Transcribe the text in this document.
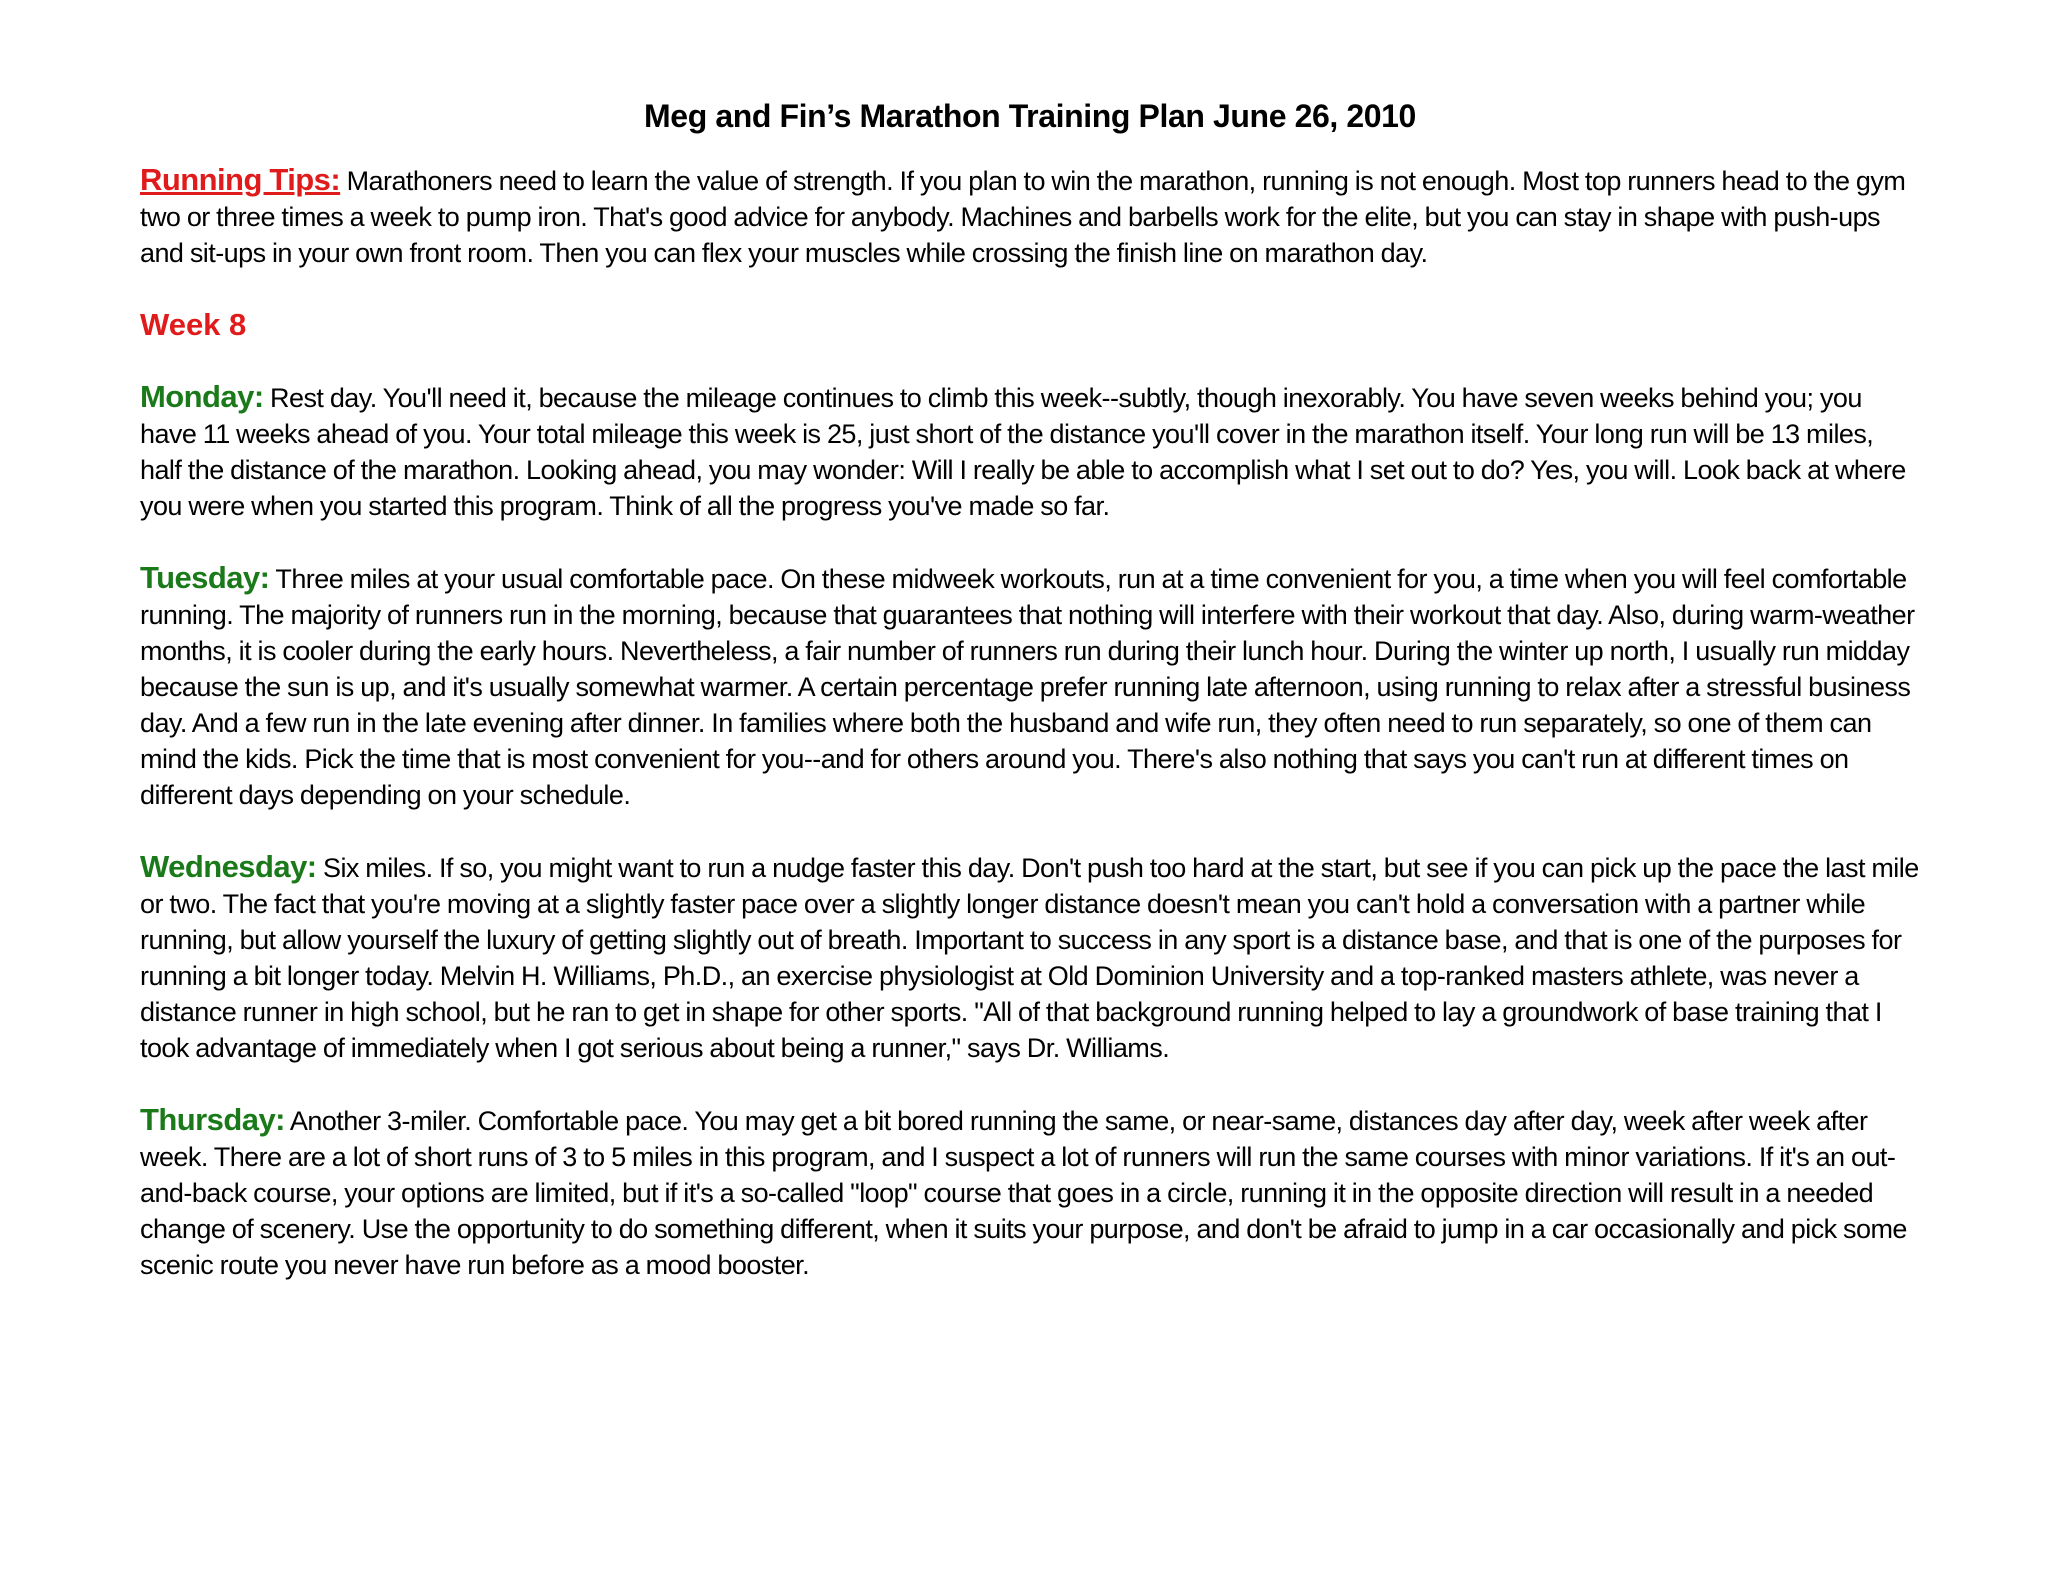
Meg and Fin’s Marathon Training Plan June 26, 2010

Running Tips: Marathoners need to learn the value of strength. If you plan to win the marathon, running is not enough. Most top runners head to the gym two or three times a week to pump iron. That's good advice for anybody. Machines and barbells work for the elite, but you can stay in shape with push-ups and sit-ups in your own front room. Then you can flex your muscles while crossing the finish line on marathon day.

Week 8

Monday: Rest day. You'll need it, because the mileage continues to climb this week--subtly, though inexorably. You have seven weeks behind you; you have 11 weeks ahead of you. Your total mileage this week is 25, just short of the distance you'll cover in the marathon itself. Your long run will be 13 miles, half the distance of the marathon. Looking ahead, you may wonder: Will I really be able to accomplish what I set out to do? Yes, you will. Look back at where you were when you started this program. Think of all the progress you've made so far.

Tuesday: Three miles at your usual comfortable pace. On these midweek workouts, run at a time convenient for you, a time when you will feel comfortable running. The majority of runners run in the morning, because that guarantees that nothing will interfere with their workout that day. Also, during warm-weather months, it is cooler during the early hours. Nevertheless, a fair number of runners run during their lunch hour. During the winter up north, I usually run midday because the sun is up, and it's usually somewhat warmer. A certain percentage prefer running late afternoon, using running to relax after a stressful business day. And a few run in the late evening after dinner. In families where both the husband and wife run, they often need to run separately, so one of them can mind the kids. Pick the time that is most convenient for you--and for others around you. There's also nothing that says you can't run at different times on different days depending on your schedule.

Wednesday: Six miles. If so, you might want to run a nudge faster this day. Don't push too hard at the start, but see if you can pick up the pace the last mile or two. The fact that you're moving at a slightly faster pace over a slightly longer distance doesn't mean you can't hold a conversation with a partner while running, but allow yourself the luxury of getting slightly out of breath. Important to success in any sport is a distance base, and that is one of the purposes for running a bit longer today. Melvin H. Williams, Ph.D., an exercise physiologist at Old Dominion University and a top-ranked masters athlete, was never a distance runner in high school, but he ran to get in shape for other sports. "All of that background running helped to lay a groundwork of base training that I took advantage of immediately when I got serious about being a runner," says Dr. Williams.

Thursday: Another 3-miler. Comfortable pace. You may get a bit bored running the same, or near-same, distances day after day, week after week after week. There are a lot of short runs of 3 to 5 miles in this program, and I suspect a lot of runners will run the same courses with minor variations. If it's an out-and-back course, your options are limited, but if it's a so-called "loop" course that goes in a circle, running it in the opposite direction will result in a needed change of scenery. Use the opportunity to do something different, when it suits your purpose, and don't be afraid to jump in a car occasionally and pick some scenic route you never have run before as a mood booster.
